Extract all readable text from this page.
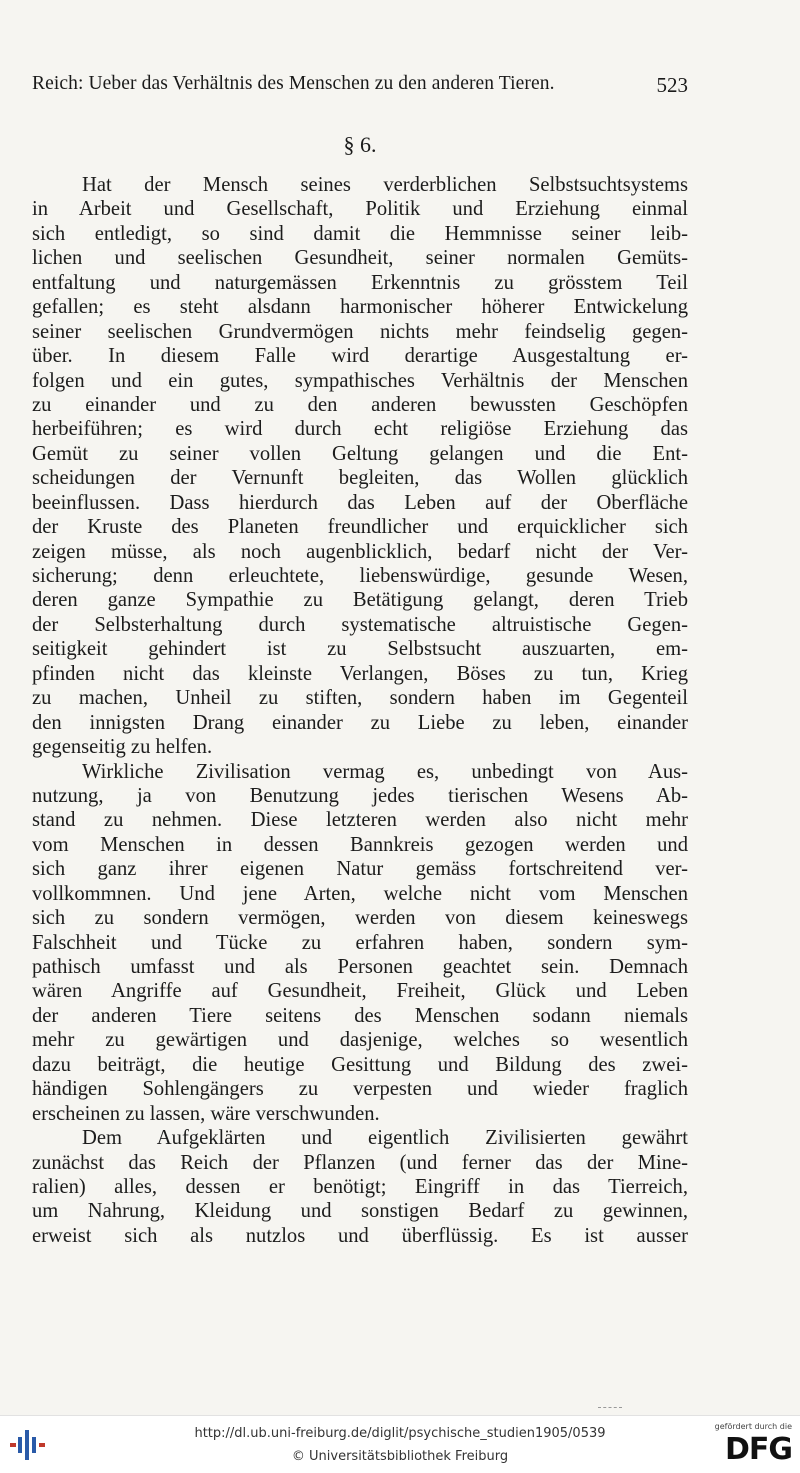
Reich: Ueber das Verhältnis des Menschen zu den anderen Tieren.	523
§ 6.
Hat der Mensch seines verderblichen Selbstsuchtsystems
in Arbeit und Gesellschaft, Politik und Erziehung einmal
sich entledigt, so sind damit die Hemmnisse seiner leib-
lichen und seelischen Gesundheit, seiner normalen Gemüts-
entfaltung und naturgemässen Erkenntnis zu grösstem Teil
gefallen; es steht alsdann harmonischer höherer Entwickelung
seiner seelischen Grundvermögen nichts mehr feindselig gegen-
über. In diesem Falle wird derartige Ausgestaltung er-
folgen und ein gutes, sympathisches Verhältnis der Menschen
zu einander und zu den anderen bewussten Geschöpfen
herbeiführen; es wird durch echt religiöse Erziehung das
Gemüt zu seiner vollen Geltung gelangen und die Ent-
scheidungen der Vernunft begleiten, das Wollen glücklich
beeinflussen. Dass hierdurch das Leben auf der Oberfläche
der Kruste des Planeten freundlicher und erquicklicher sich
zeigen müsse, als noch augenblicklich, bedarf nicht der Ver-
sicherung; denn erleuchtete, liebenswürdige, gesunde Wesen,
deren ganze Sympathie zu Betätigung gelangt, deren Trieb
der Selbsterhaltung durch systematische altruistische Gegen-
seitigkeit gehindert ist zu Selbstsucht auszuarten, em-
pfinden nicht das kleinste Verlangen, Böses zu tun, Krieg
zu machen, Unheil zu stiften, sondern haben im Gegenteil
den innigsten Drang einander zu Liebe zu leben, einander
gegenseitig zu helfen.
Wirkliche Zivilisation vermag es, unbedingt von Aus-
nutzung, ja von Benutzung jedes tierischen Wesens Ab-
stand zu nehmen. Diese letzteren werden also nicht mehr
vom Menschen in dessen Bannkreis gezogen werden und
sich ganz ihrer eigenen Natur gemäss fortschreitend ver-
vollkommnen. Und jene Arten, welche nicht vom Menschen
sich zu sondern vermögen, werden von diesem keineswegs
Falschheit und Tücke zu erfahren haben, sondern sym-
pathisch umfasst und als Personen geachtet sein. Demnach
wären Angriffe auf Gesundheit, Freiheit, Glück und Leben
der anderen Tiere seitens des Menschen sodann niemals
mehr zu gewärtigen und dasjenige, welches so wesentlich
dazu beiträgt, die heutige Gesittung und Bildung des zwei-
händigen Sohlengängers zu verpesten und wieder fraglich
erscheinen zu lassen, wäre verschwunden.
Dem Aufgeklärten und eigentlich Zivilisierten gewährt
zunächst das Reich der Pflanzen (und ferner das der Mine-
ralien) alles, dessen er benötigt; Eingriff in das Tierreich,
um Nahrung, Kleidung und sonstigen Bedarf zu gewinnen,
erweist sich als nutzlos und überflüssig. Es ist ausser
http://dl.ub.uni-freiburg.de/diglit/psychische_studien1905/0539
© Universitätsbibliothek Freiburg
gefördert durch die
DFG
